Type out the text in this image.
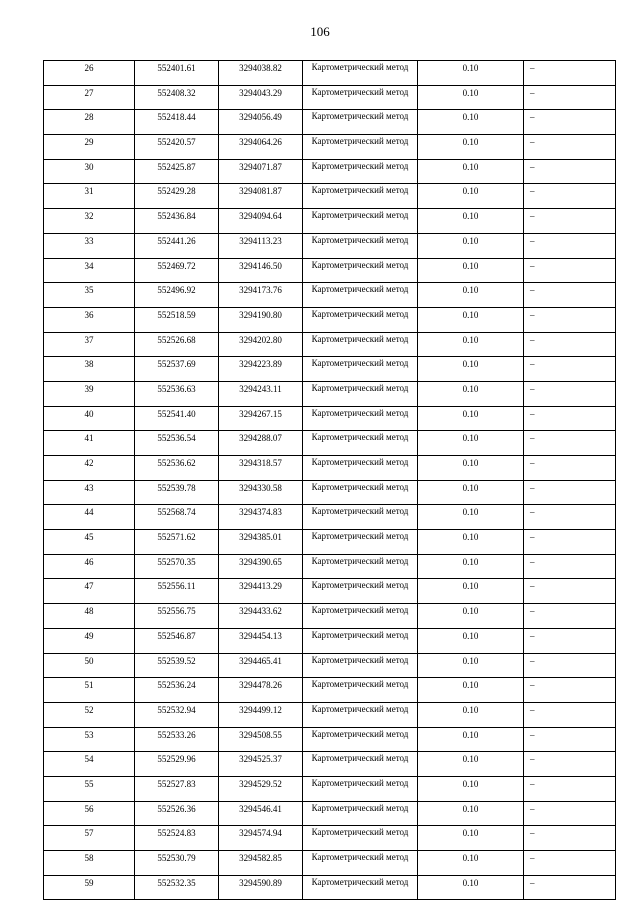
106
26	552401.61	3294038.82	Картометрический метод	0.10	–
27	552408.32	3294043.29	Картометрический метод	0.10	–
28	552418.44	3294056.49	Картометрический метод	0.10	–
29	552420.57	3294064.26	Картометрический метод	0.10	–
30	552425.87	3294071.87	Картометрический метод	0.10	–
31	552429.28	3294081.87	Картометрический метод	0.10	–
32	552436.84	3294094.64	Картометрический метод	0.10	–
33	552441.26	3294113.23	Картометрический метод	0.10	–
34	552469.72	3294146.50	Картометрический метод	0.10	–
35	552496.92	3294173.76	Картометрический метод	0.10	–
36	552518.59	3294190.80	Картометрический метод	0.10	–
37	552526.68	3294202.80	Картометрический метод	0.10	–
38	552537.69	3294223.89	Картометрический метод	0.10	–
39	552536.63	3294243.11	Картометрический метод	0.10	–
40	552541.40	3294267.15	Картометрический метод	0.10	–
41	552536.54	3294288.07	Картометрический метод	0.10	–
42	552536.62	3294318.57	Картометрический метод	0.10	–
43	552539.78	3294330.58	Картометрический метод	0.10	–
44	552568.74	3294374.83	Картометрический метод	0.10	–
45	552571.62	3294385.01	Картометрический метод	0.10	–
46	552570.35	3294390.65	Картометрический метод	0.10	–
47	552556.11	3294413.29	Картометрический метод	0.10	–
48	552556.75	3294433.62	Картометрический метод	0.10	–
49	552546.87	3294454.13	Картометрический метод	0.10	–
50	552539.52	3294465.41	Картометрический метод	0.10	–
51	552536.24	3294478.26	Картометрический метод	0.10	–
52	552532.94	3294499.12	Картометрический метод	0.10	–
53	552533.26	3294508.55	Картометрический метод	0.10	–
54	552529.96	3294525.37	Картометрический метод	0.10	–
55	552527.83	3294529.52	Картометрический метод	0.10	–
56	552526.36	3294546.41	Картометрический метод	0.10	–
57	552524.83	3294574.94	Картометрический метод	0.10	–
58	552530.79	3294582.85	Картометрический метод	0.10	–
59	552532.35	3294590.89	Картометрический метод	0.10	–
